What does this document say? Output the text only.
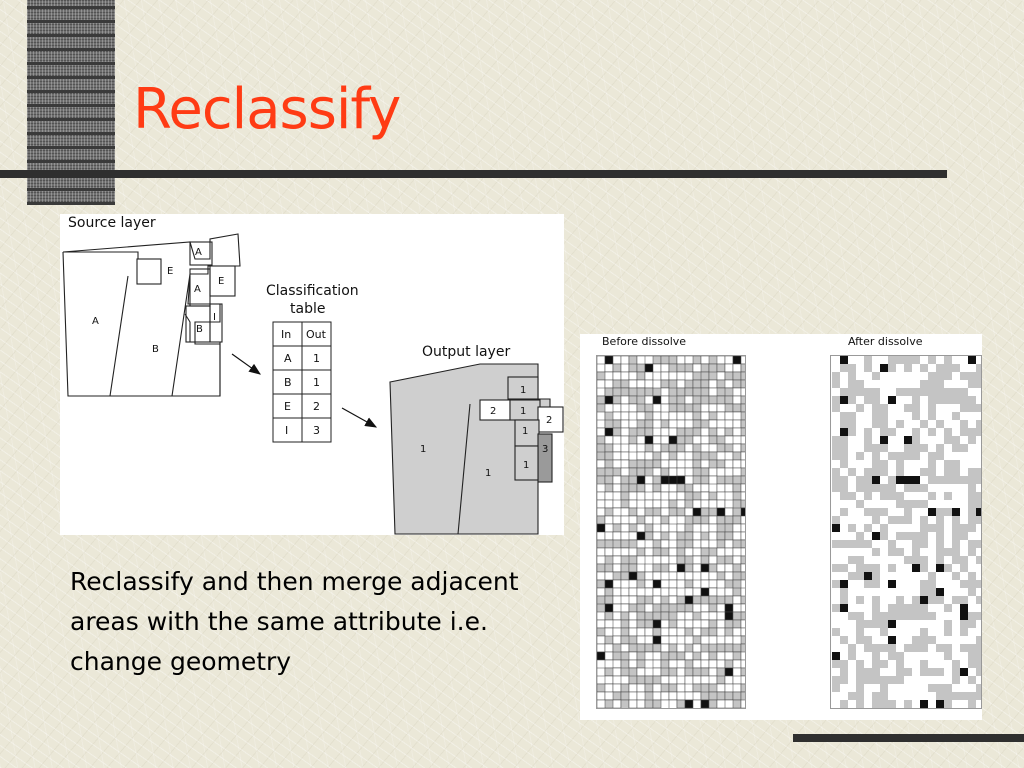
Reclassify
Source layer
A
E
A
E
A
B
I
B
Classification
table
In Out
A 1
B 1
E 2
I 3
Output layer
1
2
1
2
1
1
3
1
1

Reclassify and then merge adjacent areas with the same attribute i.e. change geometry

Before dissolve	After dissolve
